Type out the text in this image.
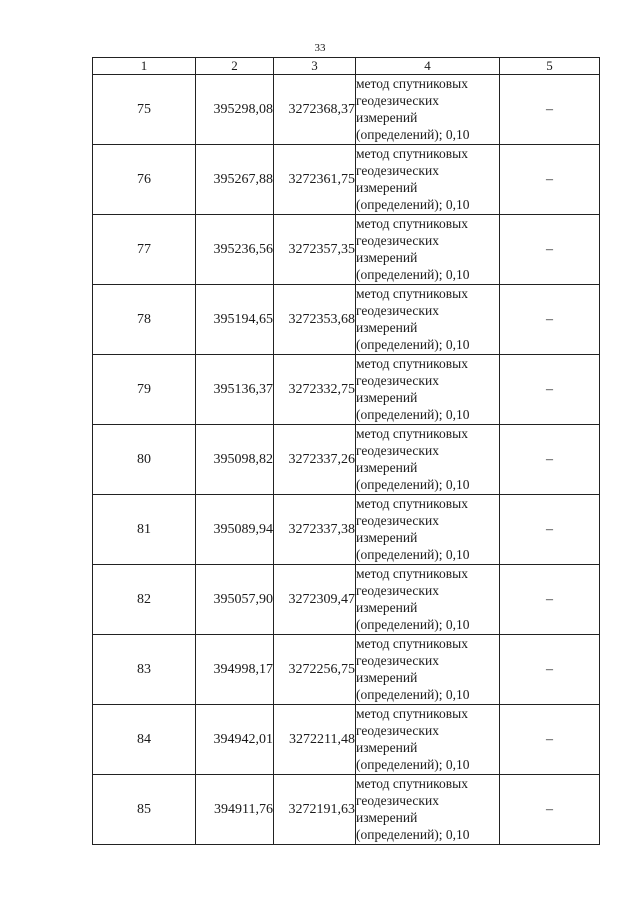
33
1	2	3	4	5
75	395298,08	3272368,37	метод спутниковых
геодезических
измерений
(определений); 0,10	–
76	395267,88	3272361,75	метод спутниковых
геодезических
измерений
(определений); 0,10	–
77	395236,56	3272357,35	метод спутниковых
геодезических
измерений
(определений); 0,10	–
78	395194,65	3272353,68	метод спутниковых
геодезических
измерений
(определений); 0,10	–
79	395136,37	3272332,75	метод спутниковых
геодезических
измерений
(определений); 0,10	–
80	395098,82	3272337,26	метод спутниковых
геодезических
измерений
(определений); 0,10	–
81	395089,94	3272337,38	метод спутниковых
геодезических
измерений
(определений); 0,10	–
82	395057,90	3272309,47	метод спутниковых
геодезических
измерений
(определений); 0,10	–
83	394998,17	3272256,75	метод спутниковых
геодезических
измерений
(определений); 0,10	–
84	394942,01	3272211,48	метод спутниковых
геодезических
измерений
(определений); 0,10	–
85	394911,76	3272191,63	метод спутниковых
геодезических
измерений
(определений); 0,10	–
